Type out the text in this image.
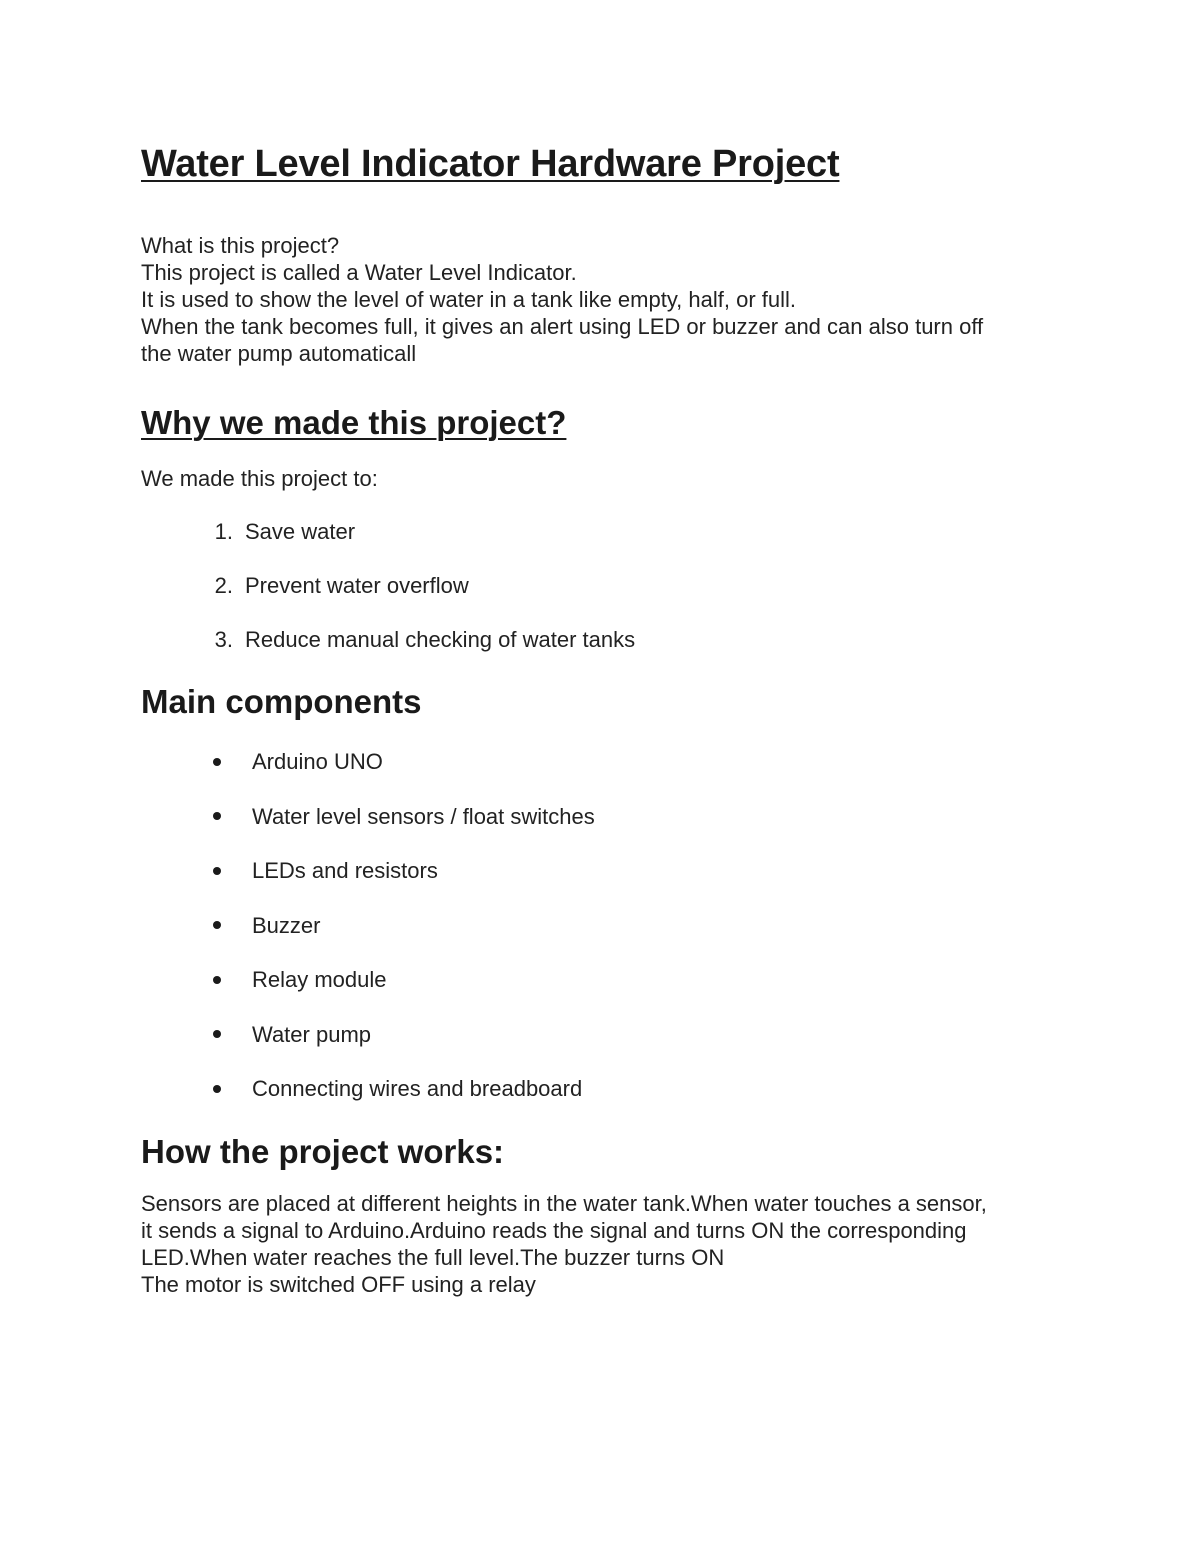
Water Level Indicator Hardware Project

What is this project?

This project is called a Water Level Indicator.

It is used to show the level of water in a tank like empty, half, or full.

When the tank becomes full, it gives an alert using LED or buzzer and can also turn off

the water pump automaticall

Why we made this project?

We made this project to:

1. Save water
2. Prevent water overflow
3. Reduce manual checking of water tanks
Main components
Arduino UNO
Water level sensors / float switches
LEDs and resistors
Buzzer
Relay module
Water pump
Connecting wires and breadboard
How the project works:

Sensors are placed at different heights in the water tank.When water touches a sensor,

it sends a signal to Arduino.Arduino reads the signal and turns ON the corresponding

LED.When water reaches the full level.The buzzer turns ON

The motor is switched OFF using a relay
